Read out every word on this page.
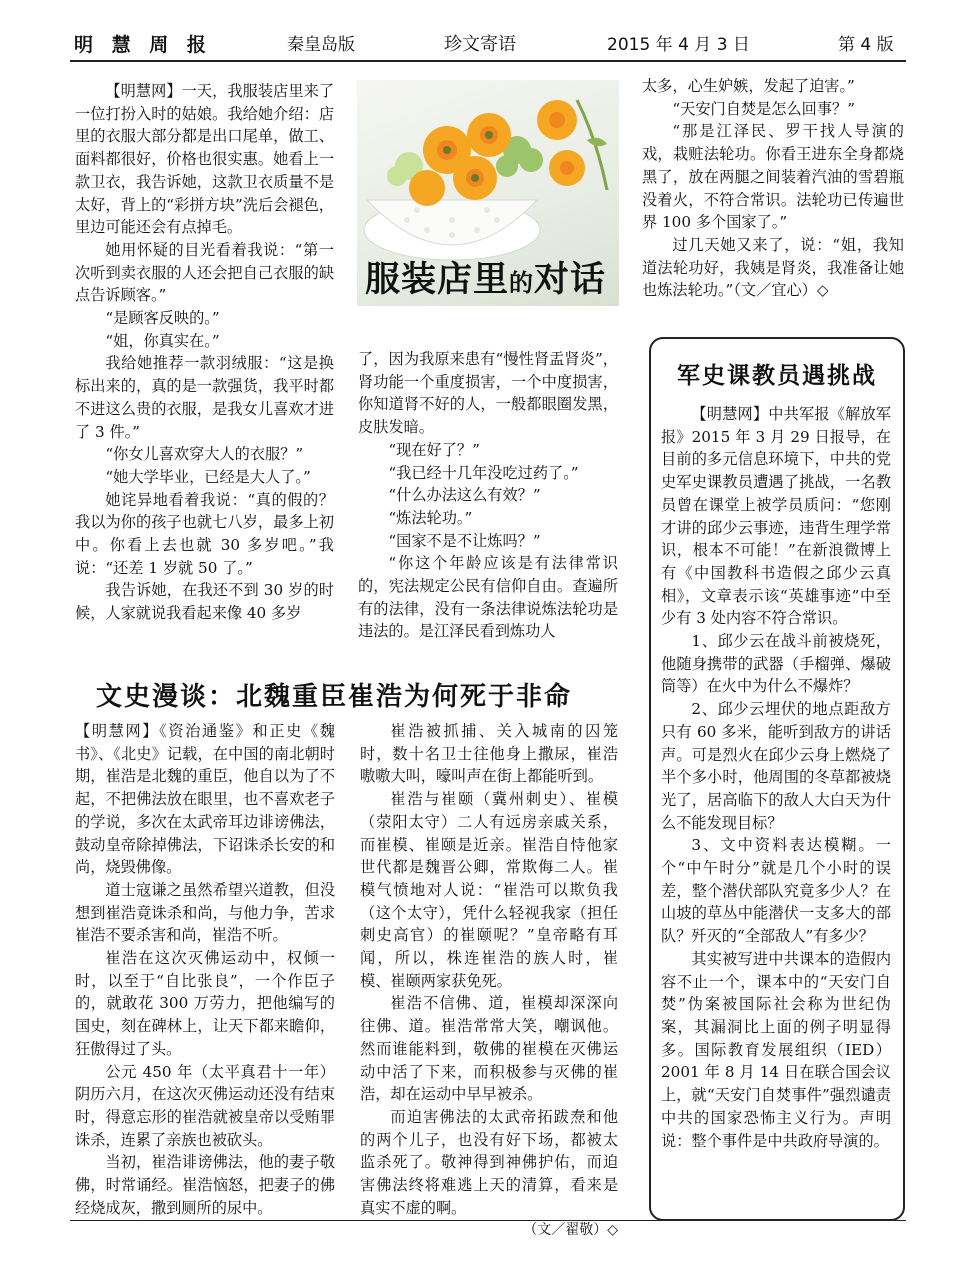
明 慧 周 报	秦皇岛版	珍文寄语	2015 年 4 月 3 日	第 4 版
服装店里的对话

【明慧网】一天，我服装店里来了一位打扮入时的姑娘。我给她介绍：店里的衣服大部分都是出口尾单，做工、面料都很好，价格也很实惠。她看上一款卫衣，我告诉她，这款卫衣质量不是太好，背上的“彩拼方块”洗后会褪色，里边可能还会有点掉毛。

她用怀疑的目光看着我说：“第一次听到卖衣服的人还会把自己衣服的缺点告诉顾客。”

“是顾客反映的。”

“姐，你真实在。”

我给她推荐一款羽绒服：“这是换标出来的，真的是一款强货，我平时都不进这么贵的衣服，是我女儿喜欢才进了 3 件。”

“你女儿喜欢穿大人的衣服？”

“她大学毕业，已经是大人了。”

她诧异地看着我说：“真的假的？我以为你的孩子也就七八岁，最多上初中。你看上去也就 30 多岁吧。”我说：“还差 1 岁就 50 了。”

我告诉她，在我还不到 30 岁的时候，人家就说我看起来像 40 多岁

了，因为我原来患有“慢性肾盂肾炎”，肾功能一个重度损害，一个中度损害，你知道肾不好的人，一般都眼圈发黑，皮肤发暗。

“现在好了？”

“我已经十几年没吃过药了。”

“什么办法这么有效？”

“炼法轮功。”

“国家不是不让炼吗？”

“你这个年龄应该是有法律常识的，宪法规定公民有信仰自由。查遍所有的法律，没有一条法律说炼法轮功是违法的。是江泽民看到炼功人

太多，心生妒嫉，发起了迫害。”

“天安门自焚是怎么回事？”

“那是江泽民、罗干找人导演的戏，栽赃法轮功。你看王进东全身都烧黑了，放在两腿之间装着汽油的雪碧瓶没着火，不符合常识。法轮功已传遍世界 100 多个国家了。”

过几天她又来了，说：“姐，我知道法轮功好，我姨是肾炎，我准备让她也炼法轮功。”（文／宜心）◇

军史课教员遇挑战

【明慧网】中共军报《解放军报》2015 年 3 月 29 日报导，在目前的多元信息环境下，中共的党史军史课教员遭遇了挑战，一名教员曾在课堂上被学员质问：“您刚才讲的邱少云事迹，违背生理学常识，根本不可能！”在新浪微博上有《中国教科书造假之邱少云真相》，文章表示该“英雄事迹”中至少有 3 处内容不符合常识。

1、邱少云在战斗前被烧死，他随身携带的武器（手榴弹、爆破筒等）在火中为什么不爆炸？

2、邱少云埋伏的地点距敌方只有 60 多米，能听到敌方的讲话声。可是烈火在邱少云身上燃烧了半个多小时，他周围的冬草都被烧光了，居高临下的敌人大白天为什么不能发现目标？

3、文中资料表达模糊。一个“中午时分”就是几个小时的误差，整个潜伏部队究竟多少人？在山坡的草丛中能潜伏一支多大的部队？歼灭的“全部敌人”有多少？

其实被写进中共课本的造假内容不止一个，课本中的“天安门自焚”伪案被国际社会称为世纪伪案，其漏洞比上面的例子明显得多。国际教育发展组织（IED）2001 年 8 月 14 日在联合国会议上，就“天安门自焚事件”强烈谴责中共的国家恐怖主义行为。声明说：整个事件是中共政府导演的。

文史漫谈：北魏重臣崔浩为何死于非命

【明慧网】《资治通鉴》和正史《魏书》、《北史》记载，在中国的南北朝时期，崔浩是北魏的重臣，他自以为了不起，不把佛法放在眼里，也不喜欢老子的学说，多次在太武帝耳边诽谤佛法，鼓动皇帝除掉佛法，下诏诛杀长安的和尚，烧毁佛像。

道士寇谦之虽然希望兴道教，但没想到崔浩竟诛杀和尚，与他力争，苦求崔浩不要杀害和尚，崔浩不听。

崔浩在这次灭佛运动中，权倾一时，以至于“自比张良”，一个作臣子的，就敢花 300 万劳力，把他编写的国史，刻在碑林上，让天下都来瞻仰，狂傲得过了头。

公元 450 年（太平真君十一年）阴历六月，在这次灭佛运动还没有结束时，得意忘形的崔浩就被皇帝以受贿罪诛杀，连累了亲族也被砍头。

当初，崔浩诽谤佛法，他的妻子敬佛，时常诵经。崔浩恼怒，把妻子的佛经烧成灰，撒到厕所的尿中。

崔浩被抓捕、关入城南的囚笼时，数十名卫士往他身上撒尿，崔浩嗷嗷大叫，嚎叫声在街上都能听到。

崔浩与崔颐（冀州刺史）、崔模（荥阳太守）二人有远房亲戚关系，而崔模、崔颐是近亲。崔浩自恃他家世代都是魏晋公卿，常欺侮二人。崔模气愤地对人说：“崔浩可以欺负我（这个太守），凭什么轻视我家（担任刺史高官）的崔颐呢？”皇帝略有耳闻，所以，株连崔浩的族人时，崔模、崔颐两家获免死。

崔浩不信佛、道，崔模却深深向往佛、道。崔浩常常大笑，嘲讽他。然而谁能料到，敬佛的崔模在灭佛运动中活了下来，而积极参与灭佛的崔浩，却在运动中早早被杀。

而迫害佛法的太武帝拓跋焘和他的两个儿子，也没有好下场，都被太监杀死了。敬神得到神佛护佑，而迫害佛法终将难逃上天的清算，看来是真实不虚的啊。

（文／翟敬）◇
